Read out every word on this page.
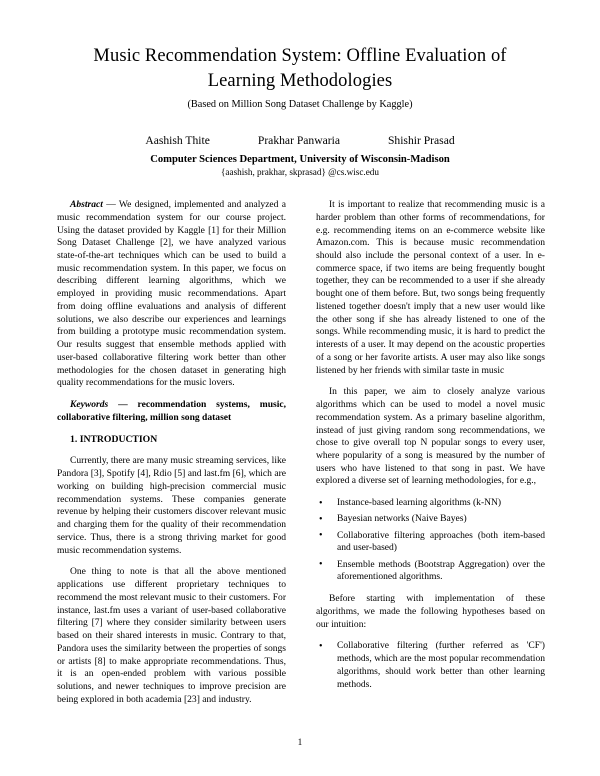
Music Recommendation System: Offline Evaluation of Learning Methodologies
(Based on Million Song Dataset Challenge by Kaggle)
Aashish Thite	Prakhar Panwaria	Shishir Prasad
Computer Sciences Department, University of Wisconsin-Madison
{aashish, prakhar, skprasad} @cs.wisc.edu

Abstract — We designed, implemented and analyzed a music recommendation system for our course project. Using the dataset provided by Kaggle [1] for their Million Song Dataset Challenge [2], we have analyzed various state-of-the-art techniques which can be used to build a music recommendation system. In this paper, we focus on describing different learning algorithms, which we employed in providing music recommendations. Apart from doing offline evaluations and analysis of different solutions, we also describe our experiences and learnings from building a prototype music recommendation system. Our results suggest that ensemble methods applied with user-based collaborative filtering work better than other methodologies for the chosen dataset in generating high quality recommendations for the music lovers.

Keywords — recommendation systems, music, collaborative filtering, million song dataset

1. INTRODUCTION

Currently, there are many music streaming services, like Pandora [3], Spotify [4], Rdio [5] and last.fm [6], which are working on building high-precision commercial music recommendation systems. These companies generate revenue by helping their customers discover relevant music and charging them for the quality of their recommendation service. Thus, there is a strong thriving market for good music recommendation systems.

One thing to note is that all the above mentioned applications use different proprietary techniques to recommend the most relevant music to their customers. For instance, last.fm uses a variant of user-based collaborative filtering [7] where they consider similarity between users based on their shared interests in music. Contrary to that, Pandora uses the similarity between the properties of songs or artists [8] to make appropriate recommendations. Thus, it is an open-ended problem with various possible solutions, and newer techniques to improve precision are being explored in both academia [23] and industry.

It is important to realize that recommending music is a harder problem than other forms of recommendations, for e.g. recommending items on an e-commerce website like Amazon.com. This is because music recommendation should also include the personal context of a user. In e-commerce space, if two items are being frequently bought together, they can be recommended to a user if she already bought one of them before. But, two songs being frequently listened together doesn't imply that a new user would like the other song if she has already listened to one of the songs. While recommending music, it is hard to predict the interests of a user. It may depend on the acoustic properties of a song or her favorite artists. A user may also like songs listened by her friends with similar taste in music

In this paper, we aim to closely analyze various algorithms which can be used to model a novel music recommendation system. As a primary baseline algorithm, instead of just giving random song recommendations, we chose to give overall top N popular songs to every user, where popularity of a song is measured by the number of users who have listened to that song in past. We have explored a diverse set of learning methodologies, for e.g.,

• Instance-based learning algorithms (k-NN)
• Bayesian networks (Naive Bayes)
• Collaborative filtering approaches (both item-based and user-based)
• Ensemble methods (Bootstrap Aggregation) over the aforementioned algorithms.

Before starting with implementation of these algorithms, we made the following hypotheses based on our intuition:

• Collaborative filtering (further referred as 'CF') methods, which are the most popular recommendation algorithms, should work better than other learning methods.
1
